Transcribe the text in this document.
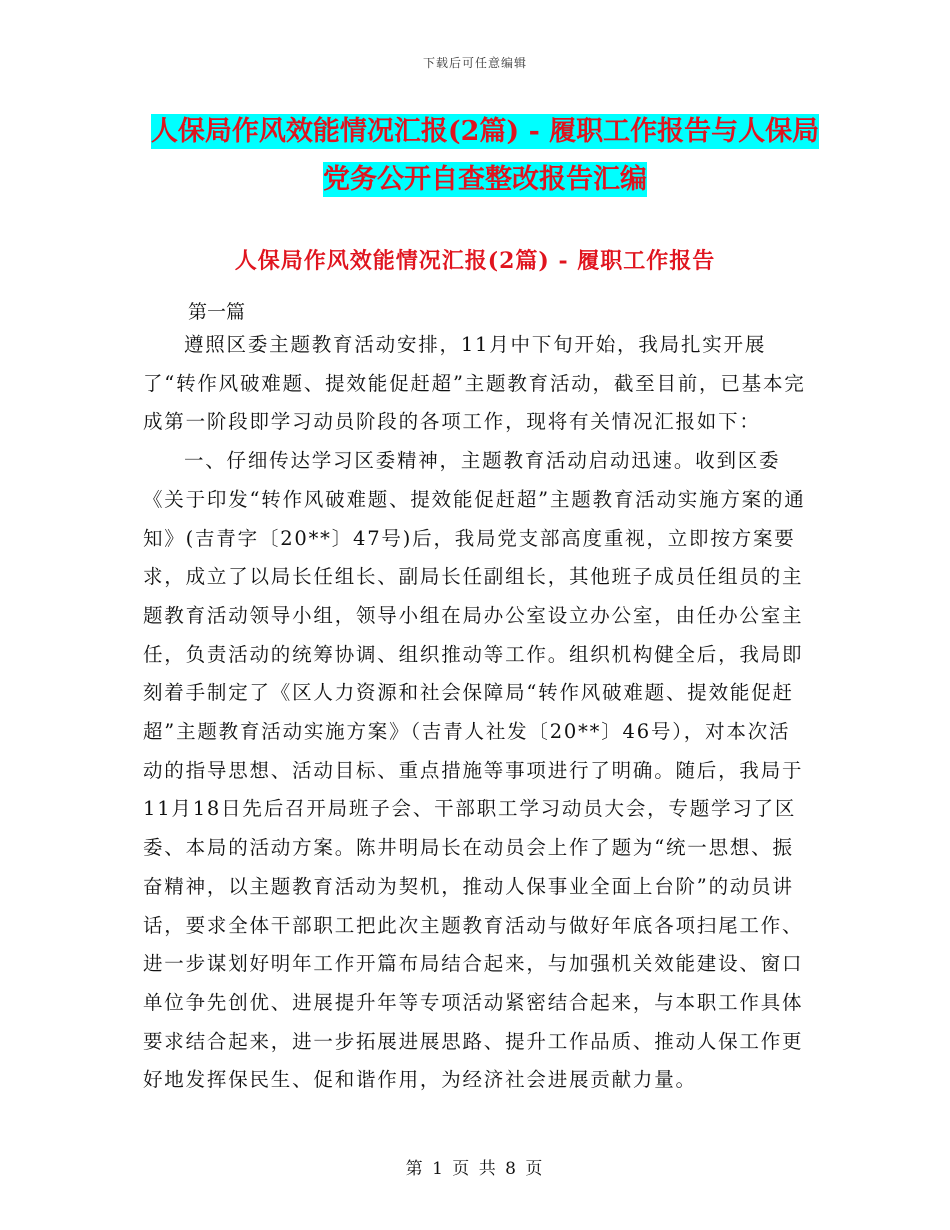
下载后可任意编辑
人保局作风效能情况汇报(2篇) - 履职工作报告与人保局党务公开自查整改报告汇编
人保局作风效能情况汇报(2篇) - 履职工作报告
第一篇

遵照区委主题教育活动安排，11月中下旬开始，我局扎实开展了“转作风破难题、提效能促赶超”主题教育活动，截至目前，已基本完成第一阶段即学习动员阶段的各项工作，现将有关情况汇报如下：

一、仔细传达学习区委精神，主题教育活动启动迅速。收到区委《关于印发“转作风破难题、提效能促赶超”主题教育活动实施方案的通知》(吉青字〔20**〕47号)后，我局党支部高度重视，立即按方案要求，成立了以局长任组长、副局长任副组长，其他班子成员任组员的主题教育活动领导小组，领导小组在局办公室设立办公室，由任办公室主任，负责活动的统筹协调、组织推动等工作。组织机构健全后，我局即刻着手制定了《区人力资源和社会保障局“转作风破难题、提效能促赶超”主题教育活动实施方案》（吉青人社发〔20**〕46号），对本次活动的指导思想、活动目标、重点措施等事项进行了明确。随后，我局于11月18日先后召开局班子会、干部职工学习动员大会，专题学习了区委、本局的活动方案。陈井明局长在动员会上作了题为“统一思想、振奋精神，以主题教育活动为契机，推动人保事业全面上台阶”的动员讲话，要求全体干部职工把此次主题教育活动与做好年底各项扫尾工作、进一步谋划好明年工作开篇布局结合起来，与加强机关效能建设、窗口单位争先创优、进展提升年等专项活动紧密结合起来，与本职工作具体要求结合起来，进一步拓展进展思路、提升工作品质、推动人保工作更好地发挥保民生、促和谐作用，为经济社会进展贡献力量。

第 1 页 共 8 页
